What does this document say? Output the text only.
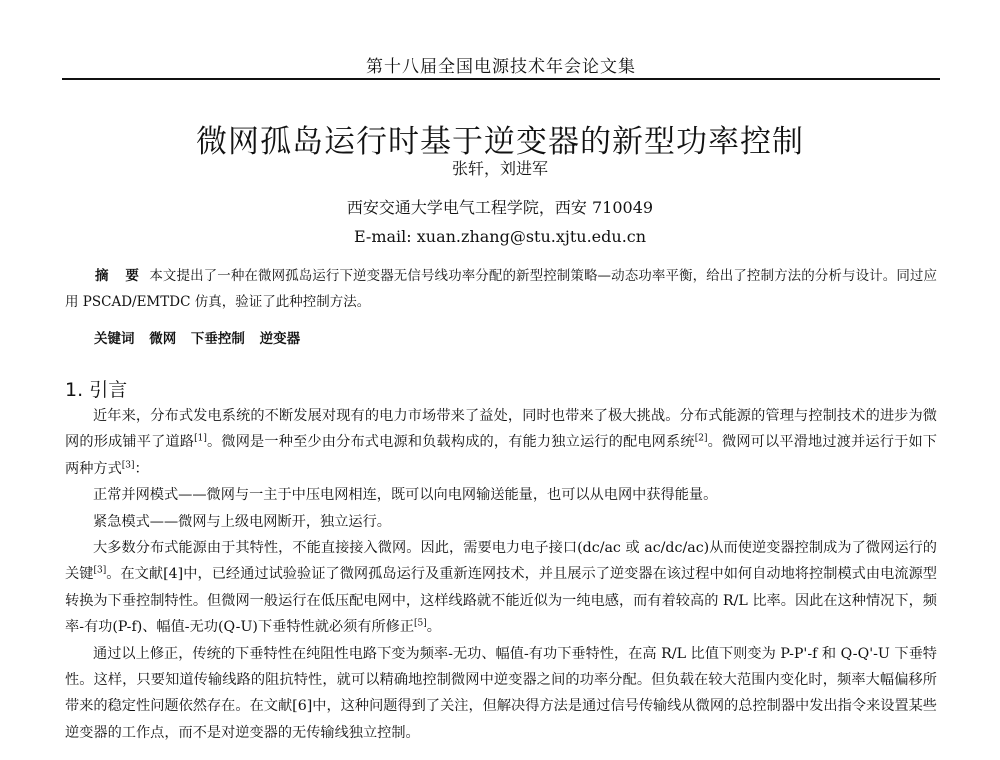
第十八届全国电源技术年会论文集
微网孤岛运行时基于逆变器的新型功率控制
张轩，刘进军
西安交通大学电气工程学院，西安 710049
E-mail: xuan.zhang@stu.xjtu.edu.cn
摘 要 本文提出了一种在微网孤岛运行下逆变器无信号线功率分配的新型控制策略—动态功率平衡，给出了控制方法的分析与设计。同过应用 PSCAD/EMTDC 仿真，验证了此种控制方法。
关键词 微网 下垂控制 逆变器
1. 引言

近年来，分布式发电系统的不断发展对现有的电力市场带来了益处，同时也带来了极大挑战。分布式能源的管理与控制技术的进步为微网的形成铺平了道路[1]。微网是一种至少由分布式电源和负载构成的，有能力独立运行的配电网系统[2]。微网可以平滑地过渡并运行于如下两种方式[3]：

正常并网模式——微网与一主于中压电网相连，既可以向电网输送能量，也可以从电网中获得能量。

紧急模式——微网与上级电网断开，独立运行。

大多数分布式能源由于其特性，不能直接接入微网。因此，需要电力电子接口(dc/ac 或 ac/dc/ac)从而使逆变器控制成为了微网运行的关键[3]。在文献[4]中，已经通过试验验证了微网孤岛运行及重新连网技术，并且展示了逆变器在该过程中如何自动地将控制模式由电流源型转换为下垂控制特性。但微网一般运行在低压配电网中，这样线路就不能近似为一纯电感，而有着较高的 R/L 比率。因此在这种情况下，频率-有功(P-f)、幅值-无功(Q-U)下垂特性就必须有所修正[5]。

通过以上修正，传统的下垂特性在纯阻性电路下变为频率-无功、幅值-有功下垂特性，在高 R/L 比值下则变为 P-P'-f 和 Q-Q'-U 下垂特性。这样，只要知道传输线路的阻抗特性，就可以精确地控制微网中逆变器之间的功率分配。但负载在较大范围内变化时，频率大幅偏移所带来的稳定性问题依然存在。在文献[6]中，这种问题得到了关注，但解决得方法是通过信号传输线从微网的总控制器中发出指令来设置某些逆变器的工作点，而不是对逆变器的无传输线独立控制。
